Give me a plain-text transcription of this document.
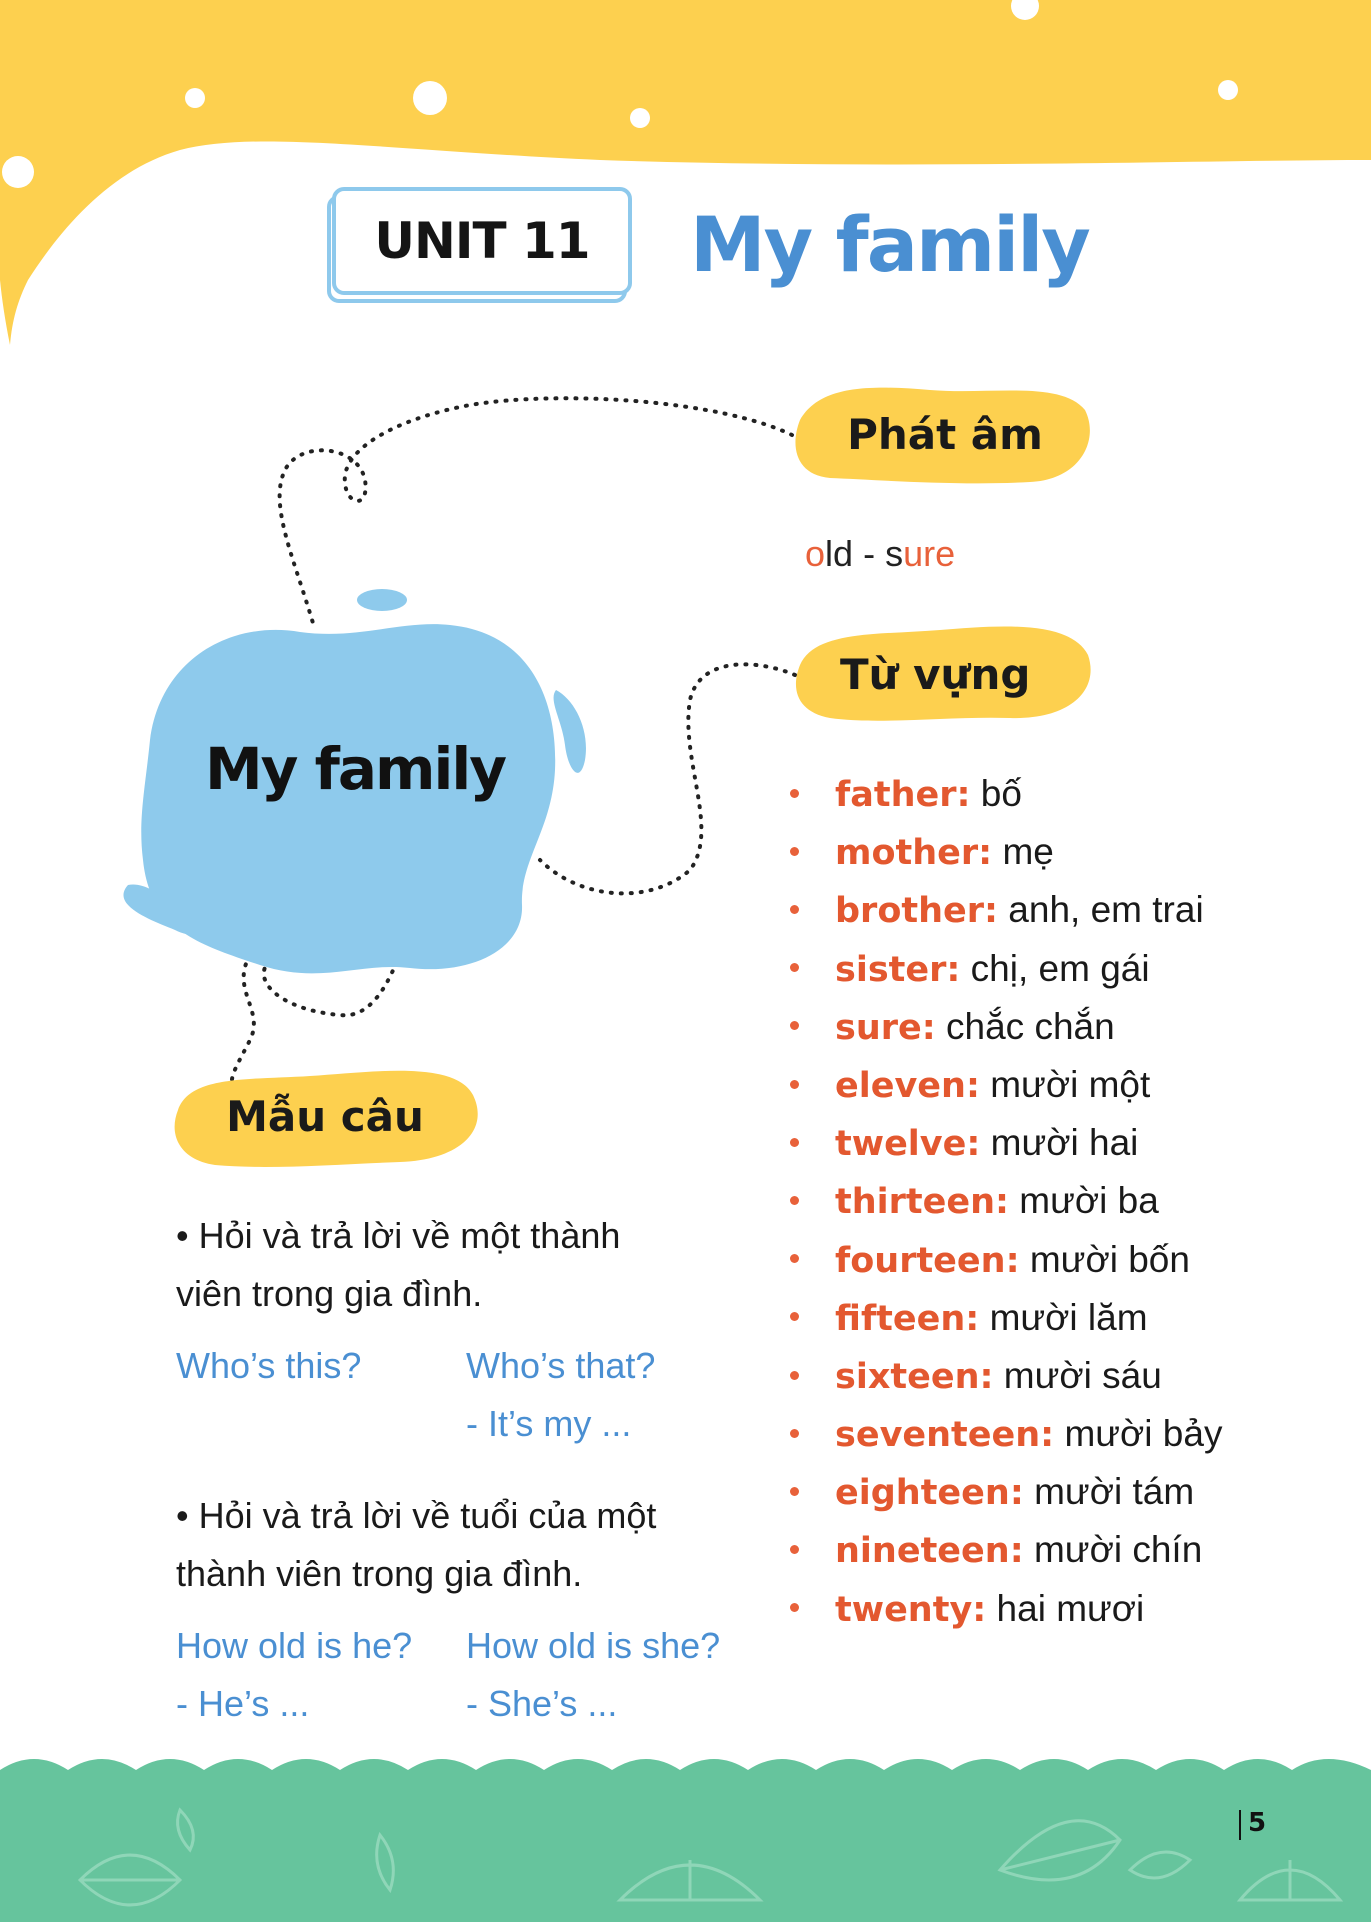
UNIT 11	My family
My family
Phát âm
old - sure
Từ vựng
father: bố
mother: mẹ
brother: anh, em trai
sister: chị, em gái
sure: chắc chắn
eleven: mười một
twelve: mười hai
thirteen: mười ba
fourteen: mười bốn
fifteen: mười lăm
sixteen: mười sáu
seventeen: mười bảy
eighteen: mười tám
nineteen: mười chín
twenty: hai mươi
Mẫu câu
• Hỏi và trả lời về một thành
viên trong gia đình.
Who’s this?	Who’s that?
- It’s my ...
• Hỏi và trả lời về tuổi của một
thành viên trong gia đình.
How old is he?
- He’s ...
How old is she?
- She’s ...
5
